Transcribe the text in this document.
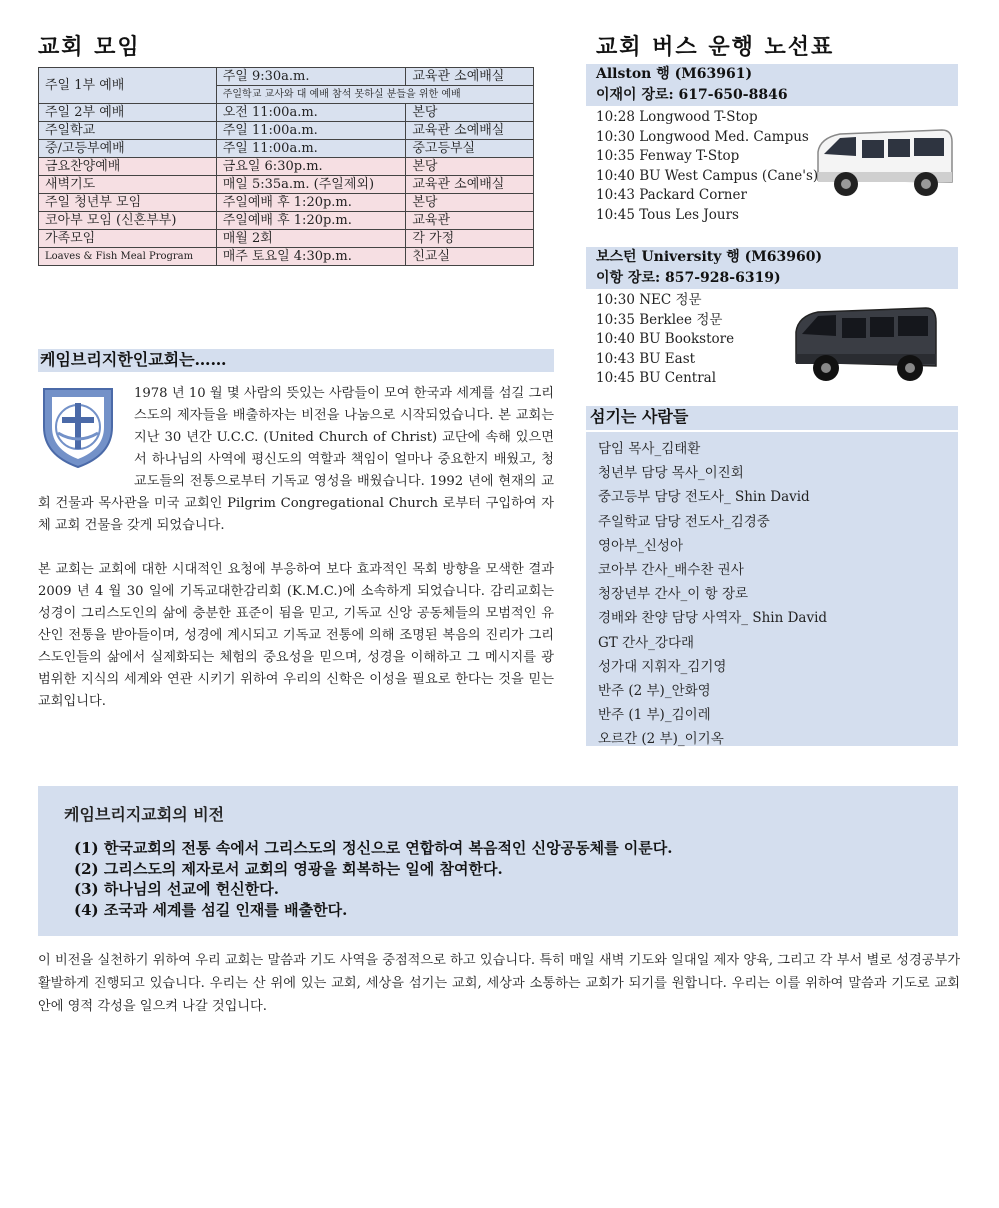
교회 모임
주일 1부 예배	주일 9:30a.m.	교육관 소예배실
	주일학교 교사와 대 예배 참석 못하실 분들을 위한 예배	
주일 2부 예배	오전 11:00a.m.	본당
주일학교	주일 11:00a.m.	교육관 소예배실
중/고등부예배	주일 11:00a.m.	중고등부실
금요찬양예배	금요일 6:30p.m.	본당
새벽기도	매일 5:35a.m. (주일제외)	교육관 소예배실
주일 청년부 모임	주일예배 후 1:20p.m.	본당
코아부 모임 (신혼부부)	주일예배 후 1:20p.m.	교육관
가족모임	매월 2회	각 가정
Loaves & Fish Meal Program	매주 토요일 4:30p.m.	친교실
케임브리지한인교회는……
1978 년 10 월 몇 사람의 뜻있는 사람들이 모여 한국과 세계를 섬길 그리스도의 제자들을 배출하자는 비전을 나눔으로 시작되었습니다. 본 교회는 지난 30 년간 U.C.C. (United Church of Christ) 교단에 속해 있으면서 하나님의 사역에 평신도의 역할과 책임이 얼마나 중요한지 배웠고, 청교도들의 전통으로부터 기독교 영성을 배웠습니다. 1992 년에 현재의 교회 건물과 목사관을 미국 교회인 Pilgrim Congregational Church 로부터 구입하여 자체 교회 건물을 갖게 되었습니다.
본 교회는 교회에 대한 시대적인 요청에 부응하여 보다 효과적인 목회 방향을 모색한 결과 2009 년 4 월 30 일에 기독교대한감리회 (K.M.C.)에 소속하게 되었습니다. 감리교회는 성경이 그리스도인의 삶에 충분한 표준이 됨을 믿고, 기독교 신앙 공동체들의 모범적인 유산인 전통을 받아들이며, 성경에 계시되고 기독교 전통에 의해 조명된 복음의 진리가 그리스도인들의 삶에서 실제화되는 체험의 중요성을 믿으며, 성경을 이해하고 그 메시지를 광범위한 지식의 세계와 연관 시키기 위하여 우리의 신학은 이성을 필요로 한다는 것을 믿는 교회입니다.
교회 버스 운행 노선표
Allston 행 (M63961)
이재이 장로: 617-650-8846
10:28 Longwood T-Stop
10:30 Longwood Med. Campus
10:35 Fenway T-Stop
10:40 BU West Campus (Cane's)
10:43 Packard Corner
10:45 Tous Les Jours
보스턴 University 행 (M63960)
이항 장로: 857-928-6319)
10:30 NEC 정문
10:35 Berklee 정문
10:40 BU Bookstore
10:43 BU East
10:45 BU Central
섬기는 사람들
담임 목사_김태환
청년부 담당 목사_이진회
중고등부 담당 전도사_ Shin David
주일학교 담당 전도사_김경중
영아부_신성아
코아부 간사_배수찬 권사
청장년부 간사_이 항 장로
경배와 찬양 담당 사역자_ Shin David
GT 간사_강다래
성가대 지휘자_김기영
반주 (2 부)_안화영
반주 (1 부)_김이레
오르간 (2 부)_이기옥
케임브리지교회의 비전
(1) 한국교회의 전통 속에서 그리스도의 정신으로 연합하여 복음적인 신앙공동체를 이룬다.
(2) 그리스도의 제자로서 교회의 영광을 회복하는 일에 참여한다.
(3) 하나님의 선교에 헌신한다.
(4) 조국과 세계를 섬길 인재를 배출한다.
이 비전을 실천하기 위하여 우리 교회는 말씀과 기도 사역을 중점적으로 하고 있습니다. 특히 매일 새벽 기도와 일대일 제자 양육, 그리고 각 부서 별로 성경공부가 활발하게 진행되고 있습니다. 우리는 산 위에 있는 교회, 세상을 섬기는 교회, 세상과 소통하는 교회가 되기를 원합니다. 우리는 이를 위하여 말씀과 기도로 교회 안에 영적 각성을 일으켜 나갈 것입니다.
